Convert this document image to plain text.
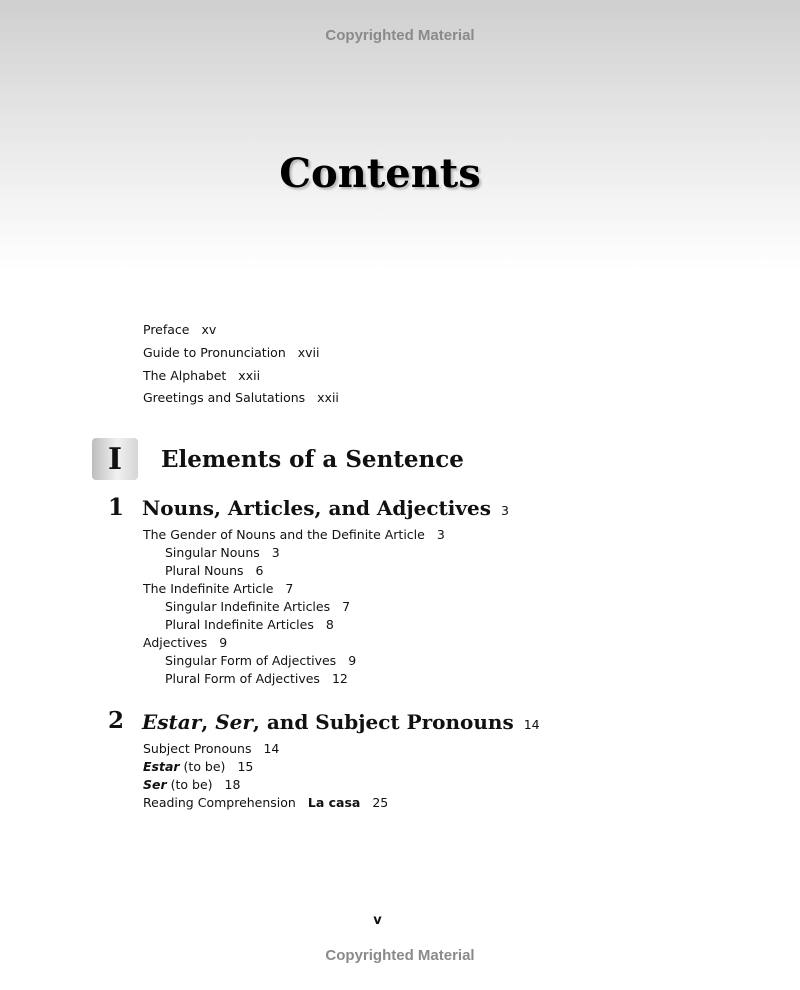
Copyrighted Material
Contents
Preface xv
Guide to Pronunciation xvii
The Alphabet xxii
Greetings and Salutations xxii
I	Elements of a Sentence
1 Nouns, Articles, and Adjectives 3
The Gender of Nouns and the Definite Article 3
Singular Nouns 3
Plural Nouns 6
The Indefinite Article 7
Singular Indefinite Articles 7
Plural Indefinite Articles 8
Adjectives 9
Singular Form of Adjectives 9
Plural Form of Adjectives 12
2 Estar, Ser, and Subject Pronouns 14
Subject Pronouns 14
Estar (to be) 15
Ser (to be) 18
Reading Comprehension La casa 25
v
Copyrighted Material
